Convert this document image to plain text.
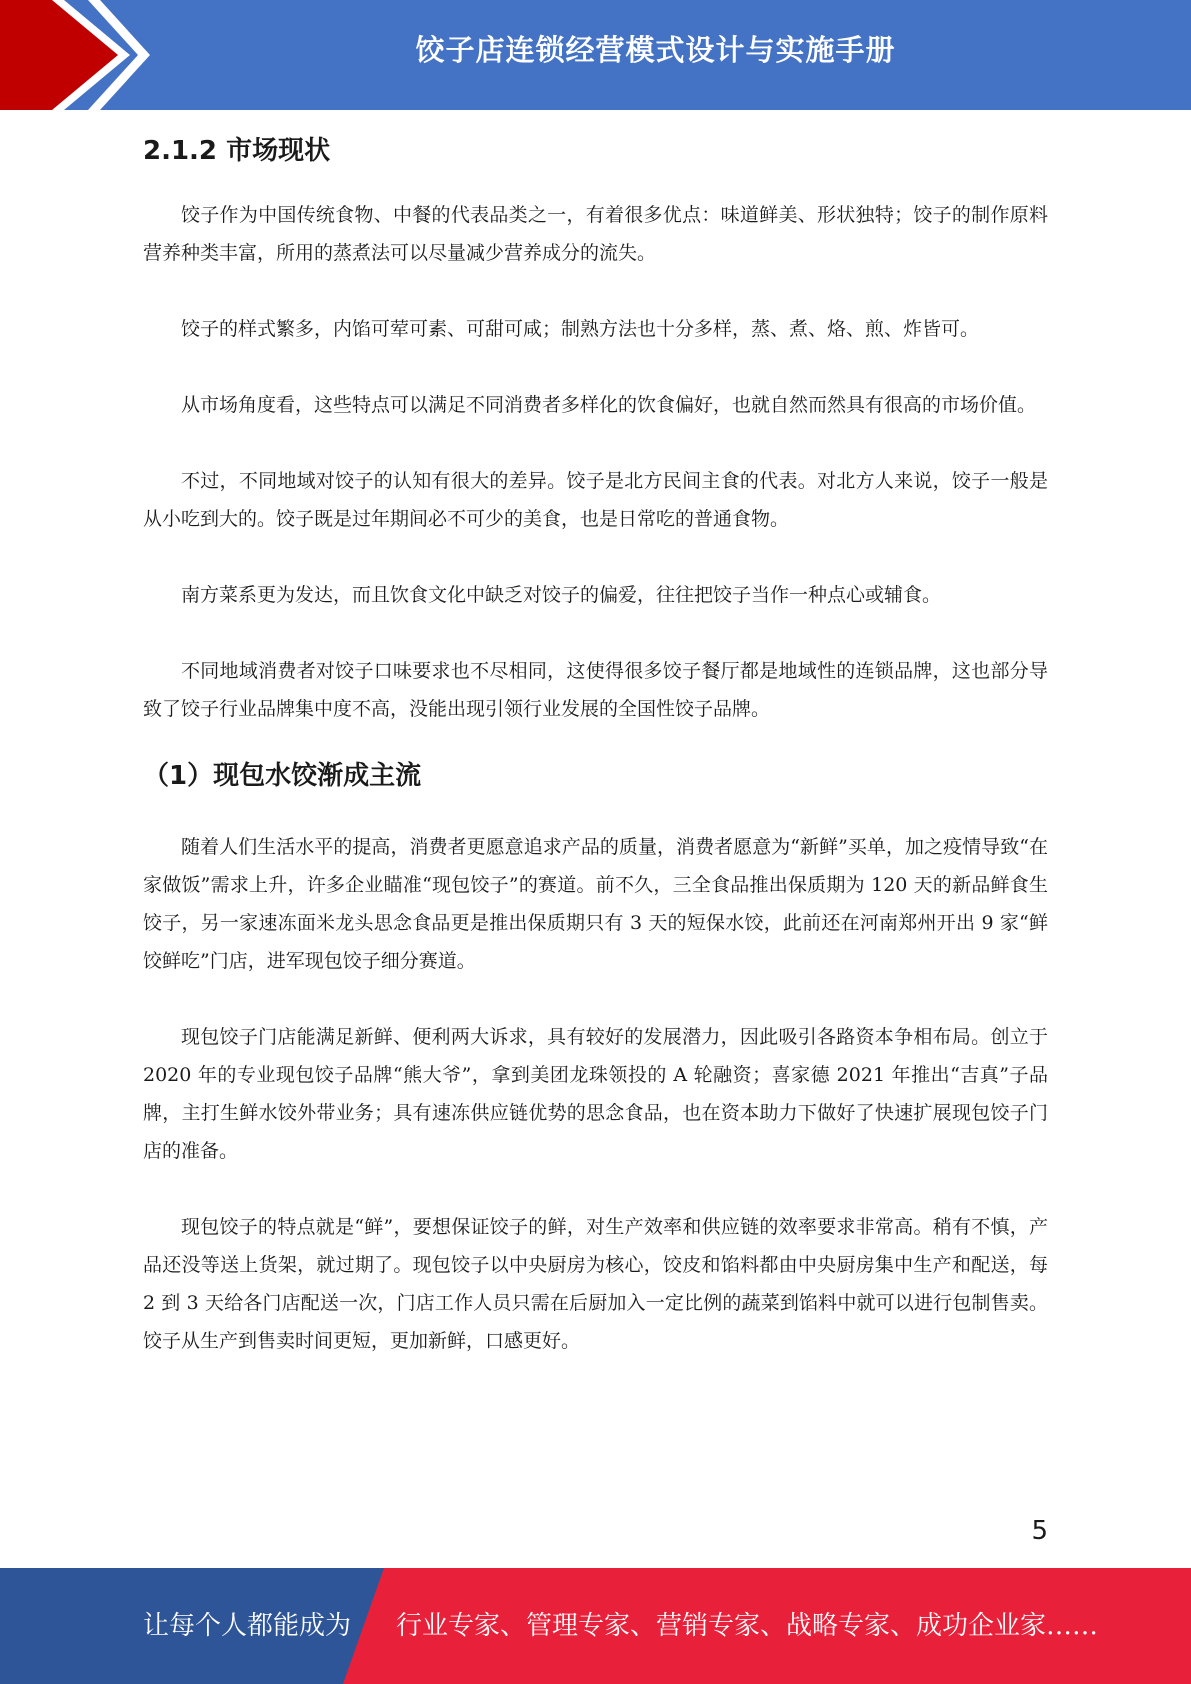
饺子店连锁经营模式设计与实施手册
2.1.2 市场现状

饺子作为中国传统食物、中餐的代表品类之一，有着很多优点：味道鲜美、形状独特；饺子的制作原料营养种类丰富，所用的蒸煮法可以尽量减少营养成分的流失。

饺子的样式繁多，内馅可荤可素、可甜可咸；制熟方法也十分多样，蒸、煮、烙、煎、炸皆可。

从市场角度看，这些特点可以满足不同消费者多样化的饮食偏好，也就自然而然具有很高的市场价值。

不过，不同地域对饺子的认知有很大的差异。饺子是北方民间主食的代表。对北方人来说，饺子一般是从小吃到大的。饺子既是过年期间必不可少的美食，也是日常吃的普通食物。

南方菜系更为发达，而且饮食文化中缺乏对饺子的偏爱，往往把饺子当作一种点心或辅食。

不同地域消费者对饺子口味要求也不尽相同，这使得很多饺子餐厅都是地域性的连锁品牌，这也部分导致了饺子行业品牌集中度不高，没能出现引领行业发展的全国性饺子品牌。

（1）现包水饺渐成主流

随着人们生活水平的提高，消费者更愿意追求产品的质量，消费者愿意为“新鲜”买单，加之疫情导致“在家做饭”需求上升，许多企业瞄准“现包饺子”的赛道。前不久，三全食品推出保质期为 120 天的新品鲜食生饺子，另一家速冻面米龙头思念食品更是推出保质期只有 3 天的短保水饺，此前还在河南郑州开出 9 家“鲜饺鲜吃”门店，进军现包饺子细分赛道。

现包饺子门店能满足新鲜、便利两大诉求，具有较好的发展潜力，因此吸引各路资本争相布局。创立于 2020 年的专业现包饺子品牌“熊大爷”，拿到美团龙珠领投的 A 轮融资；喜家德 2021 年推出“吉真”子品牌，主打生鲜水饺外带业务；具有速冻供应链优势的思念食品，也在资本助力下做好了快速扩展现包饺子门店的准备。

现包饺子的特点就是“鲜”，要想保证饺子的鲜，对生产效率和供应链的效率要求非常高。稍有不慎，产品还没等送上货架，就过期了。现包饺子以中央厨房为核心，饺皮和馅料都由中央厨房集中生产和配送，每 2 到 3 天给各门店配送一次，门店工作人员只需在后厨加入一定比例的蔬菜到馅料中就可以进行包制售卖。饺子从生产到售卖时间更短，更加新鲜，口感更好。

5
让每个人都能成为 行业专家、管理专家、营销专家、战略专家、成功企业家……
